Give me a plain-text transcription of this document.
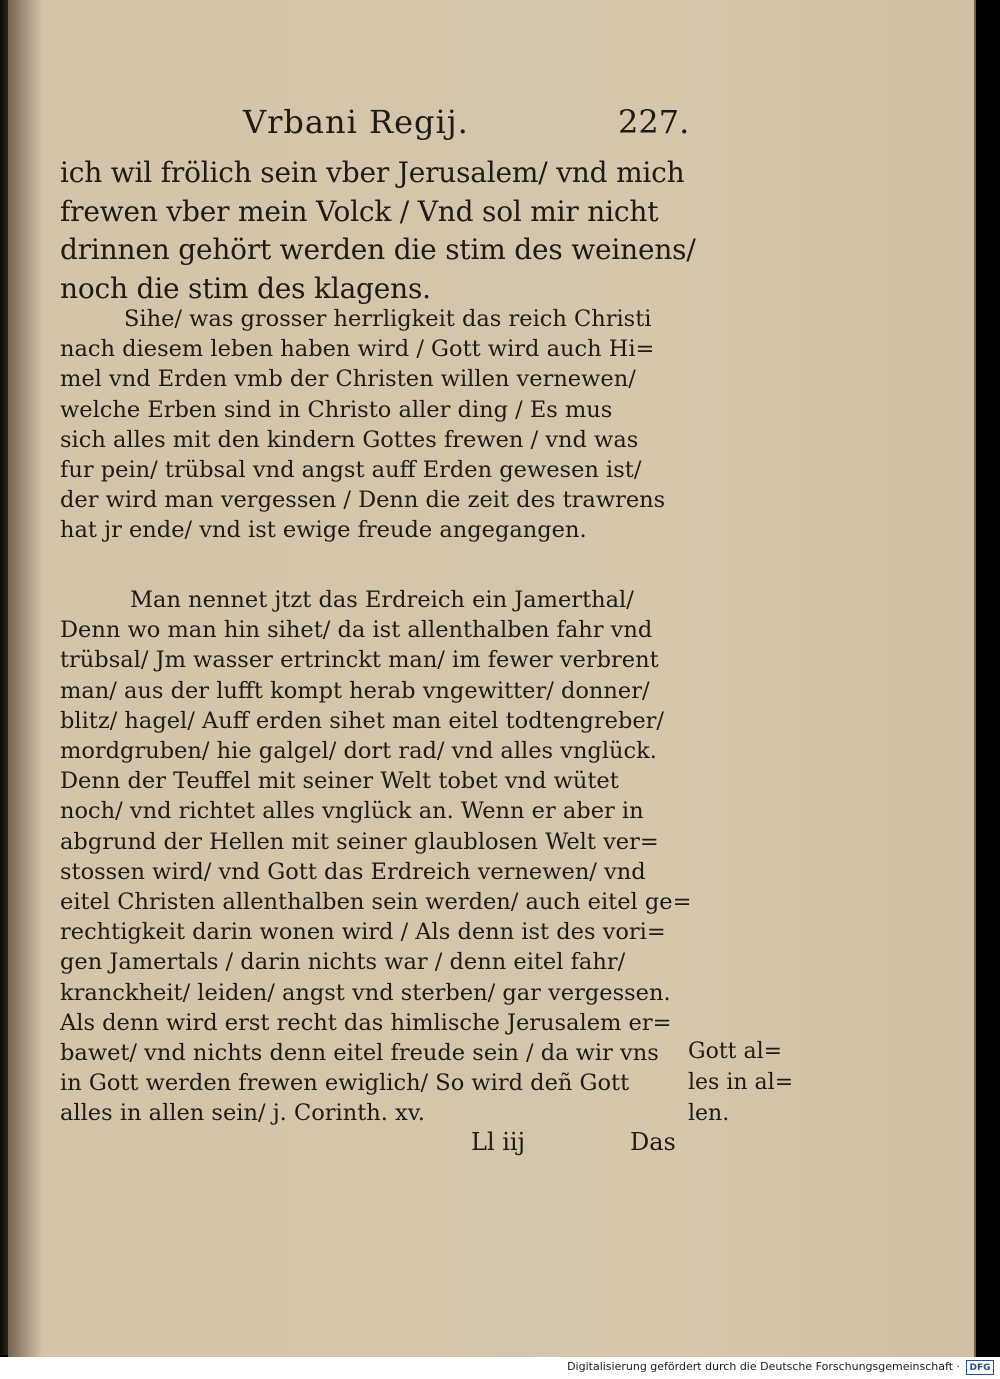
Vrbani Regij.	227.
ich wil frölich sein vber Jerusalem/ vnd mich
frewen vber mein Volck / Vnd sol mir nicht
drinnen gehört werden die stim des weinens/
noch die stim des klagens.
Sihe/ was grosser herrligkeit das reich Christi
nach diesem leben haben wird / Gott wird auch Hi=
mel vnd Erden vmb der Christen willen vernewen/
welche Erben sind in Christo aller ding / Es mus
sich alles mit den kindern Gottes frewen / vnd was
fur pein/ trübsal vnd angst auff Erden gewesen ist/
der wird man vergessen / Denn die zeit des trawrens
hat jr ende/ vnd ist ewige freude angegangen.
Man nennet jtzt das Erdreich ein Jamerthal/
Denn wo man hin sihet/ da ist allenthalben fahr vnd
trübsal/ Jm wasser ertrinckt man/ im fewer verbrent
man/ aus der lufft kompt herab vngewitter/ donner/
blitz/ hagel/ Auff erden sihet man eitel todtengreber/
mordgruben/ hie galgel/ dort rad/ vnd alles vnglück.
Denn der Teuffel mit seiner Welt tobet vnd wütet
noch/ vnd richtet alles vnglück an. Wenn er aber in
abgrund der Hellen mit seiner glaublosen Welt ver=
stossen wird/ vnd Gott das Erdreich vernewen/ vnd
eitel Christen allenthalben sein werden/ auch eitel ge=
rechtigkeit darin wonen wird / Als denn ist des vori=
gen Jamertals / darin nichts war / denn eitel fahr/
kranckheit/ leiden/ angst vnd sterben/ gar vergessen.
Als denn wird erst recht das himlische Jerusalem er=
bawet/ vnd nichts denn eitel freude sein / da wir vns
in Gott werden frewen ewiglich/ So wird deñ Gott
alles in allen sein/ j. Corinth. xv.
Gott al=
les in al=
len.
Ll iij	Das
Digitalisierung gefördert durch die Deutsche Forschungsgemeinschaft ·	DFG
